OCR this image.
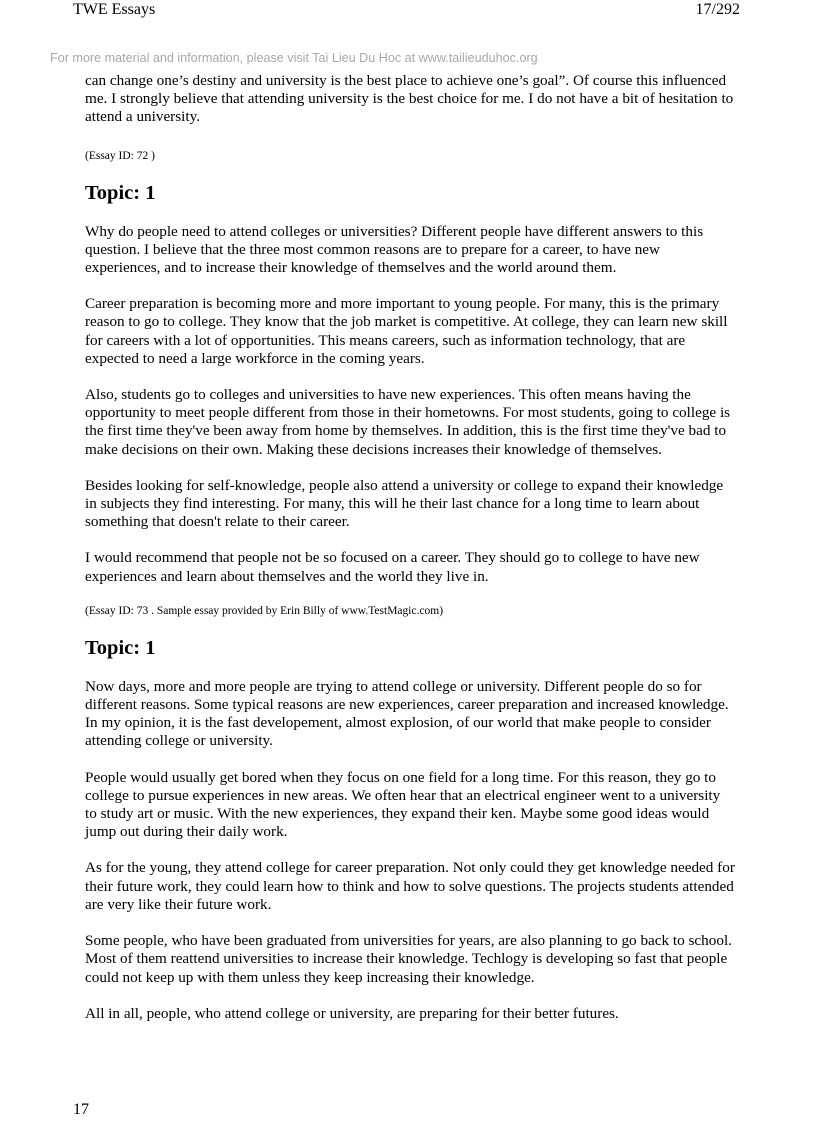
TWE Essays	17/292
For more material and information, please visit Tai Lieu Du Hoc at www.tailieuduhoc.org

can change one’s destiny and university is the best place to achieve one’s goal”. Of course this influenced me. I strongly believe that attending university is the best choice for me. I do not have a bit of hesitation to attend a university.

(Essay ID: 72 )

Topic: 1

Why do people need to attend colleges or universities? Different people have different answers to this question. I believe that the three most common reasons are to prepare for a career, to have new experiences, and to increase their knowledge of themselves and the world around them.

Career preparation is becoming more and more important to young people. For many, this is the primary reason to go to college. They know that the job market is competitive. At college, they can learn new skill for careers with a lot of opportunities. This means careers, such as information technology, that are expected to need a large workforce in the coming years.

Also, students go to colleges and universities to have new experiences. This often means having the opportunity to meet people different from those in their hometowns. For most students, going to college is the first time they've been away from home by themselves. In addition, this is the first time they've bad to make decisions on their own. Making these decisions increases their knowledge of themselves.

Besides looking for self-knowledge, people also attend a university or college to expand their knowledge in subjects they find interesting. For many, this will he their last chance for a long time to learn about something that doesn't relate to their career.

I would recommend that people not be so focused on a career. They should go to college to have new experiences and learn about themselves and the world they live in.

(Essay ID: 73 . Sample essay provided by Erin Billy of www.TestMagic.com)

Topic: 1

Now days, more and more people are trying to attend college or university. Different people do so for different reasons. Some typical reasons are new experiences, career preparation and increased knowledge. In my opinion, it is the fast developement, almost explosion, of our world that make people to consider attending college or university.

People would usually get bored when they focus on one field for a long time. For this reason, they go to college to pursue experiences in new areas. We often hear that an electrical engineer went to a university to study art or music. With the new experiences, they expand their ken. Maybe some good ideas would jump out during their daily work.

As for the young, they attend college for career preparation. Not only could they get knowledge needed for their future work, they could learn how to think and how to solve questions. The projects students attended are very like their future work.

Some people, who have been graduated from universities for years, are also planning to go back to school. Most of them reattend universities to increase their knowledge. Techlogy is developing so fast that people could not keep up with them unless they keep increasing their knowledge.

All in all, people, who attend college or university, are preparing for their better futures.

17
